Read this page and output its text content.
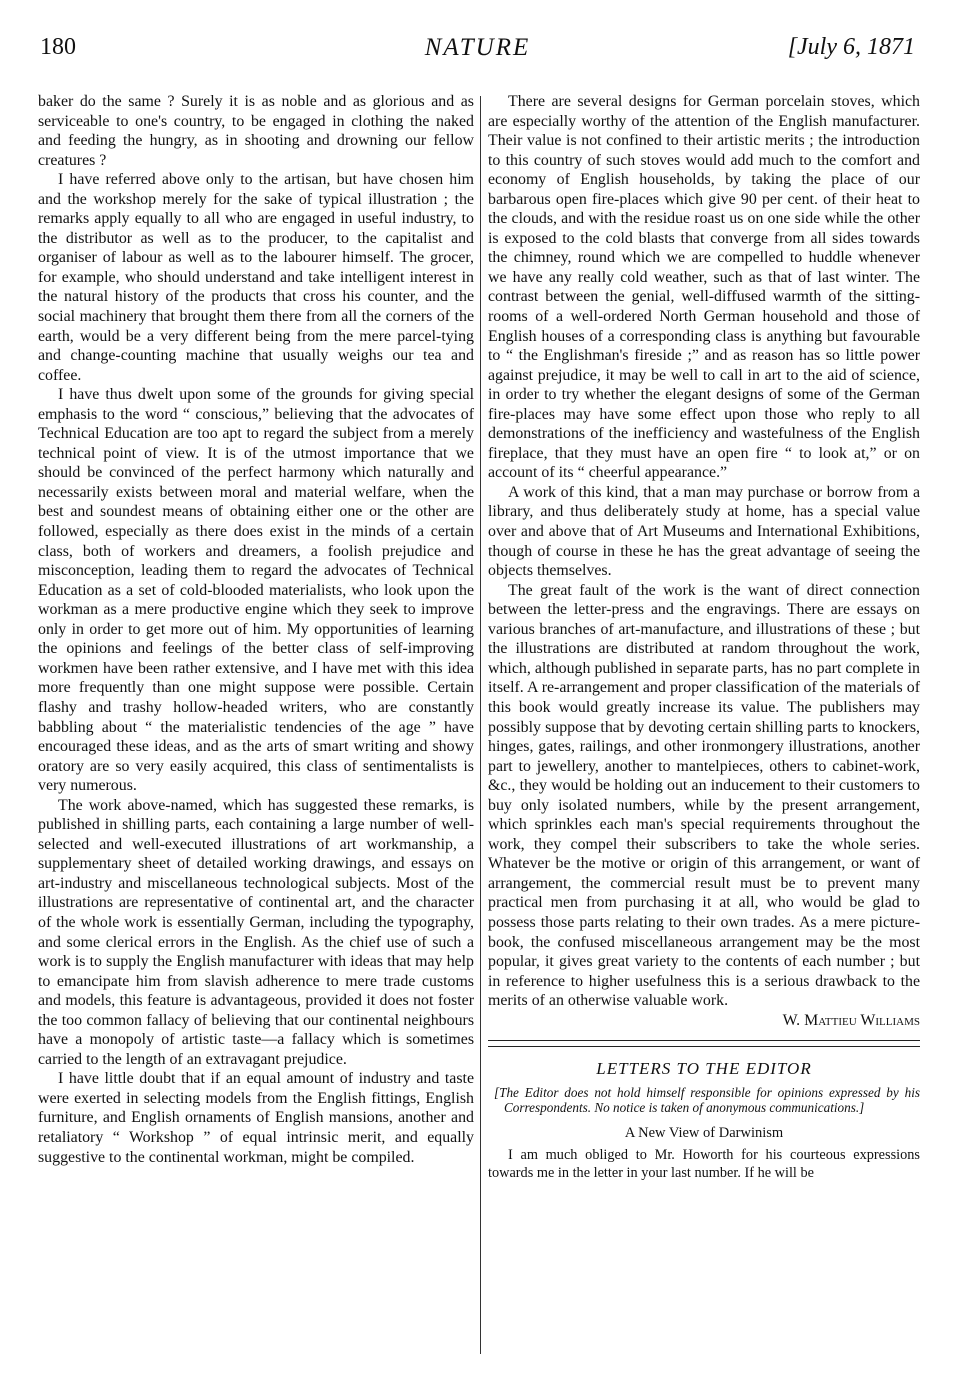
180	NATURE	[July 6, 1871

baker do the same ? Surely it is as noble and as glorious and as serviceable to one's country, to be engaged in clothing the naked and feeding the hungry, as in shooting and drowning our fellow creatures ?

I have referred above only to the artisan, but have chosen him and the workshop merely for the sake of typical illustration ; the remarks apply equally to all who are engaged in useful industry, to the distributor as well as to the producer, to the capitalist and organiser of labour as well as to the labourer himself. The grocer, for example, who should understand and take intelligent interest in the natural history of the products that cross his counter, and the social machinery that brought them there from all the corners of the earth, would be a very different being from the mere parcel-tying and change-counting machine that usually weighs our tea and coffee.

I have thus dwelt upon some of the grounds for giving special emphasis to the word “ conscious,” believing that the advocates of Technical Education are too apt to regard the subject from a merely technical point of view. It is of the utmost importance that we should be convinced of the perfect harmony which naturally and necessarily exists between moral and material welfare, when the best and soundest means of obtaining either one or the other are followed, especially as there does exist in the minds of a certain class, both of workers and dreamers, a foolish prejudice and misconception, leading them to regard the advocates of Technical Education as a set of cold-blooded materialists, who look upon the workman as a mere productive engine which they seek to improve only in order to get more out of him. My opportunities of learning the opinions and feelings of the better class of self-improving workmen have been rather extensive, and I have met with this idea more frequently than one might suppose were possible. Certain flashy and trashy hollow-headed writers, who are constantly babbling about “ the materialistic tendencies of the age ” have encouraged these ideas, and as the arts of smart writing and showy oratory are so very easily acquired, this class of sentimentalists is very numerous.

The work above-named, which has suggested these remarks, is published in shilling parts, each containing a large number of well-selected and well-executed illustrations of art workmanship, a supplementary sheet of detailed working drawings, and essays on art-industry and miscellaneous technological subjects. Most of the illustrations are representative of continental art, and the character of the whole work is essentially German, including the typography, and some clerical errors in the English. As the chief use of such a work is to supply the English manufacturer with ideas that may help to emancipate him from slavish adherence to mere trade customs and models, this feature is advantageous, provided it does not foster the too common fallacy of believing that our continental neighbours have a monopoly of artistic taste—a fallacy which is sometimes carried to the length of an extravagant prejudice.

I have little doubt that if an equal amount of industry and taste were exerted in selecting models from the English fittings, English furniture, and English ornaments of English mansions, another and retaliatory “ Workshop ” of equal intrinsic merit, and equally suggestive to the continental workman, might be compiled.

There are several designs for German porcelain stoves, which are especially worthy of the attention of the English manufacturer. Their value is not confined to their artistic merits ; the introduction to this country of such stoves would add much to the comfort and economy of English households, by taking the place of our barbarous open fire-places which give 90 per cent. of their heat to the clouds, and with the residue roast us on one side while the other is exposed to the cold blasts that converge from all sides towards the chimney, round which we are compelled to huddle whenever we have any really cold weather, such as that of last winter. The contrast between the genial, well-diffused warmth of the sitting-rooms of a well-ordered North German household and those of English houses of a corresponding class is anything but favourable to “ the Englishman's fireside ;” and as reason has so little power against prejudice, it may be well to call in art to the aid of science, in order to try whether the elegant designs of some of the German fire-places may have some effect upon those who reply to all demonstrations of the inefficiency and wastefulness of the English fireplace, that they must have an open fire “ to look at,” or on account of its “ cheerful appearance.”

A work of this kind, that a man may purchase or borrow from a library, and thus deliberately study at home, has a special value over and above that of Art Museums and International Exhibitions, though of course in these he has the great advantage of seeing the objects themselves.

The great fault of the work is the want of direct connection between the letter-press and the engravings. There are essays on various branches of art-manufacture, and illustrations of these ; but the illustrations are distributed at random throughout the work, which, although published in separate parts, has no part complete in itself. A re-arrangement and proper classification of the materials of this book would greatly increase its value. The publishers may possibly suppose that by devoting certain shilling parts to knockers, hinges, gates, railings, and other ironmongery illustrations, another part to jewellery, another to mantelpieces, others to cabinet-work, &c., they would be holding out an inducement to their customers to buy only isolated numbers, while by the present arrangement, which sprinkles each man's special requirements throughout the work, they compel their subscribers to take the whole series. Whatever be the motive or origin of this arrangement, or want of arrangement, the commercial result must be to prevent many practical men from purchasing it at all, who would be glad to possess those parts relating to their own trades. As a mere picture-book, the confused miscellaneous arrangement may be the most popular, it gives great variety to the contents of each number ; but in reference to higher usefulness this is a serious drawback to the merits of an otherwise valuable work.

W. Mattieu Williams
LETTERS TO THE EDITOR
[The Editor does not hold himself responsible for opinions expressed by his Correspondents. No notice is taken of anonymous communications.]
A New View of Darwinism

I am much obliged to Mr. Howorth for his courteous expressions towards me in the letter in your last number. If he will be
